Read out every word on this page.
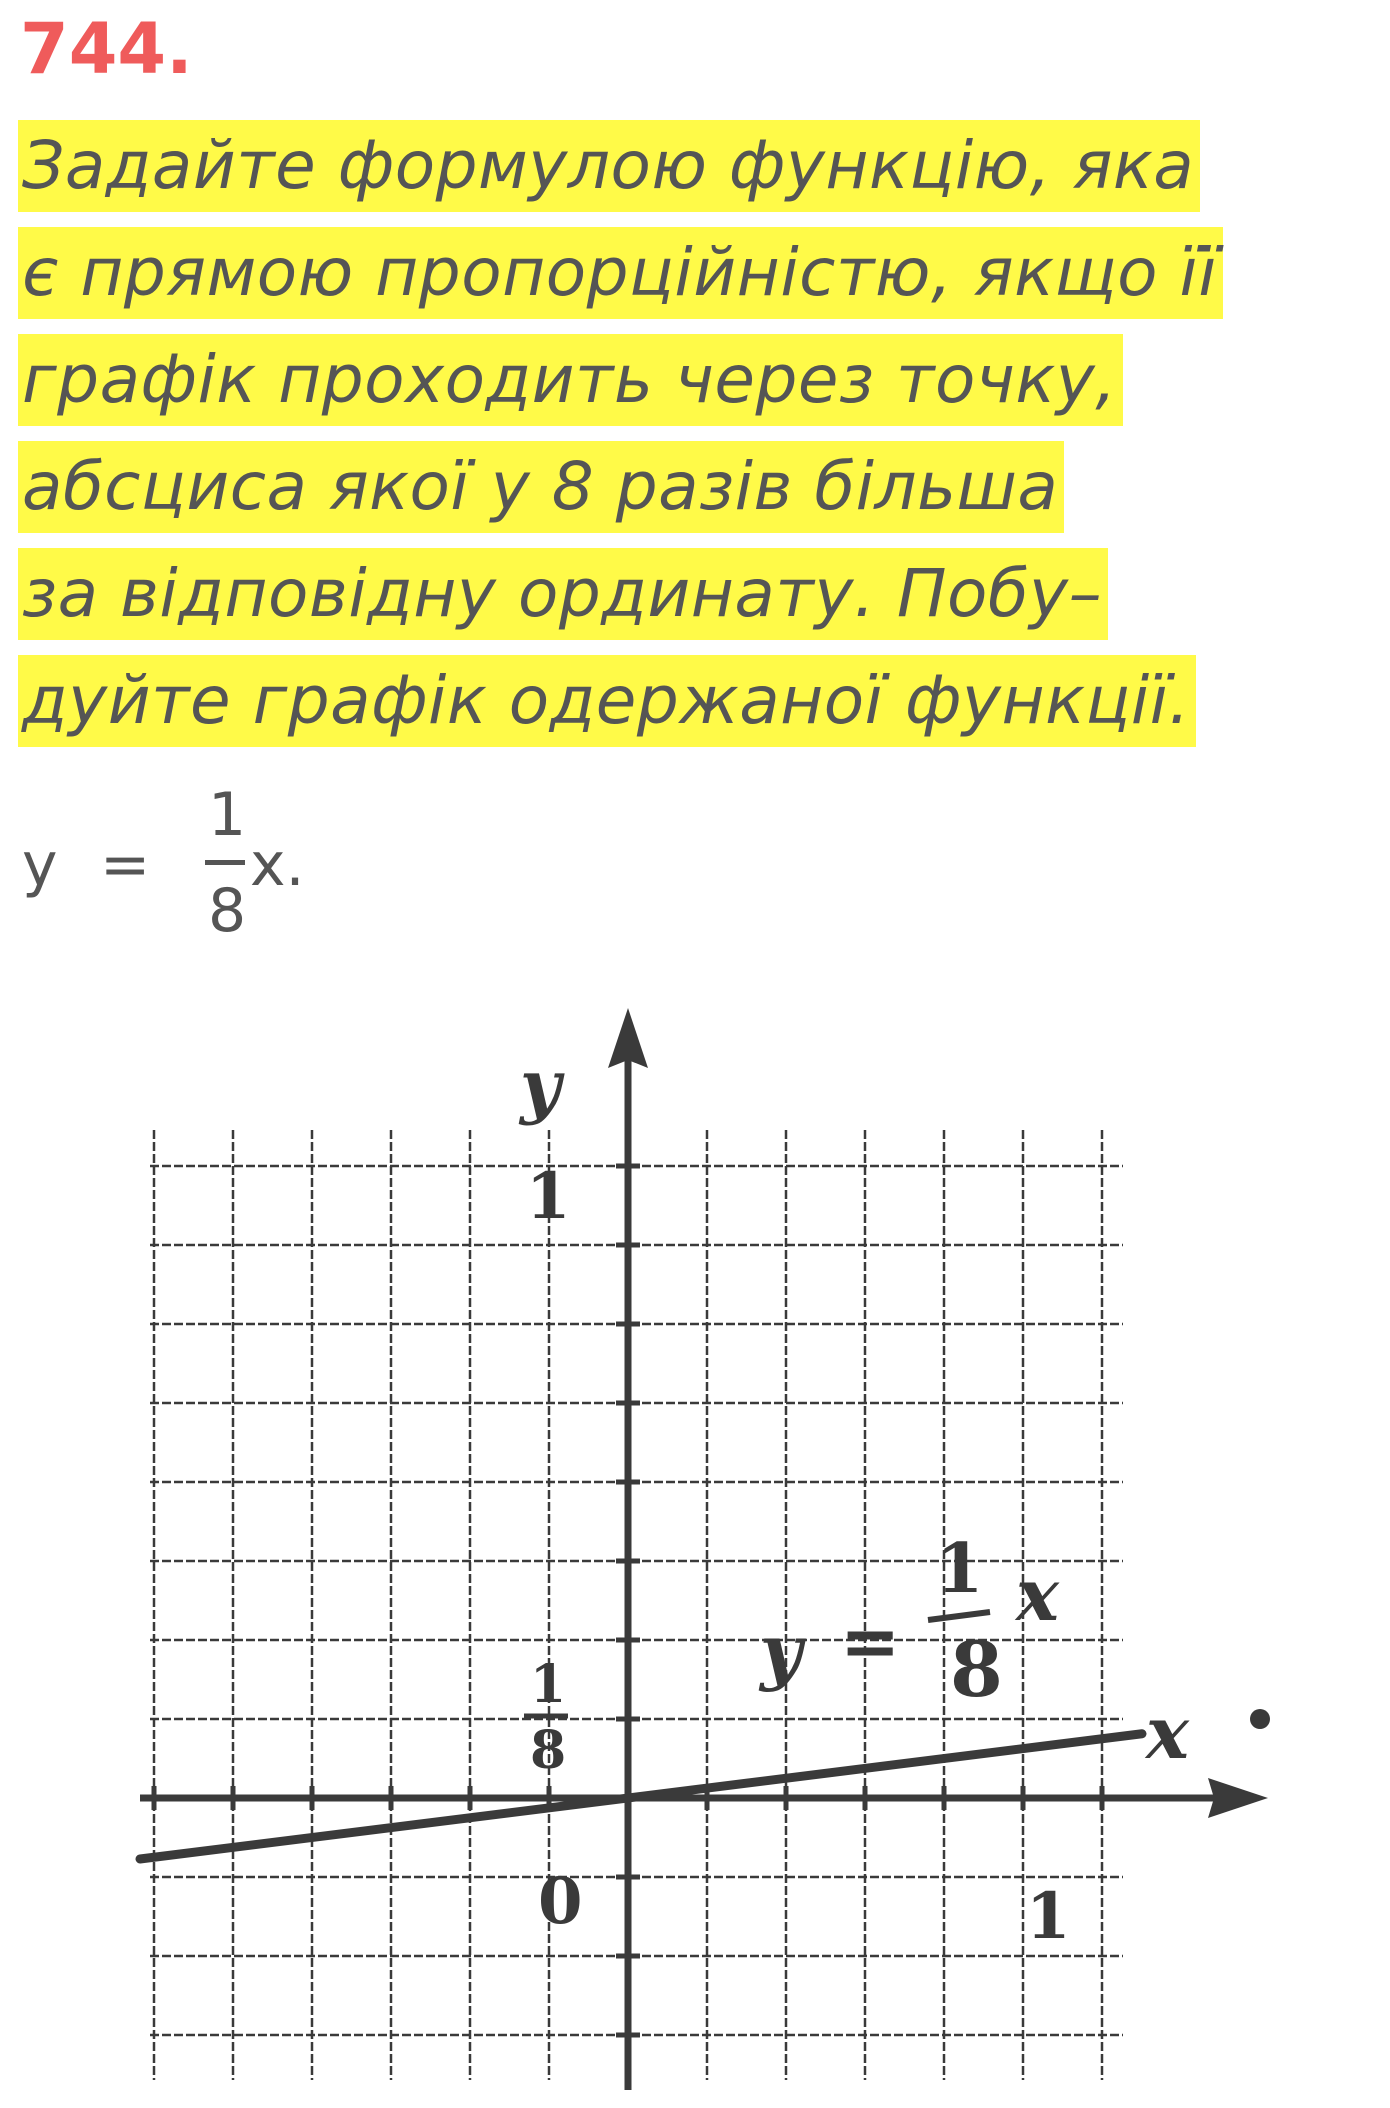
744.
Задайте формулою функцію, яка
є прямою пропорційністю, якщо її
графік проходить через точку,
абсциса якої у 8 разів більша
за відповідну ординату. Побу–
дуйте графік одержаної функції.
y =
1
8
x.
y
1
x
0	1
1
8
y =
1
8
x
